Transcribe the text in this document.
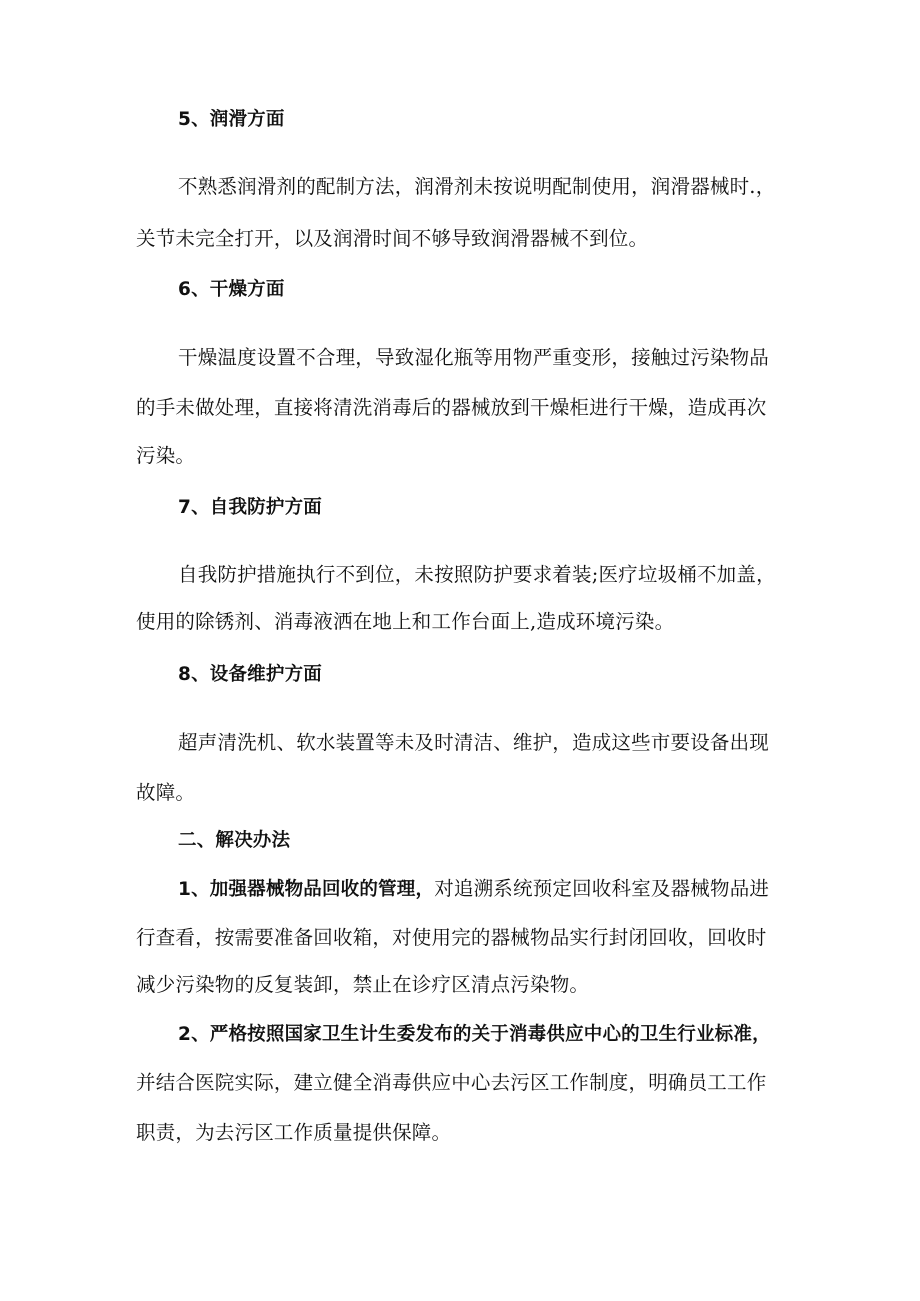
5、润滑方面
不熟悉润滑剂的配制方法，润滑剂未按说明配制使用，润滑器械时.，
关节未完全打开，以及润滑时间不够导致润滑器械不到位。
6、干燥方面
干燥温度设置不合理，导致湿化瓶等用物严重变形，接触过污染物品
的手未做处理，直接将清洗消毒后的器械放到干燥柜进行干燥，造成再次
污染。
7、自我防护方面
自我防护措施执行不到位，未按照防护要求着装;医疗垃圾桶不加盖，
使用的除锈剂、消毒液洒在地上和工作台面上,造成环境污染。
8、设备维护方面
超声清洗机、软水装置等未及时清洁、维护，造成这些市要设备出现
故障。
二、解决办法
1、加强器械物品回收的管理，对追溯系统预定回收科室及器械物品进
行查看，按需要准备回收箱，对使用完的器械物品实行封闭回收，回收时
减少污染物的反复装卸，禁止在诊疗区清点污染物。
2、严格按照国家卫生计生委发布的关于消毒供应中心的卫生行业标准，
并结合医院实际，建立健全消毒供应中心去污区工作制度，明确员工工作
职责，为去污区工作质量提供保障。
